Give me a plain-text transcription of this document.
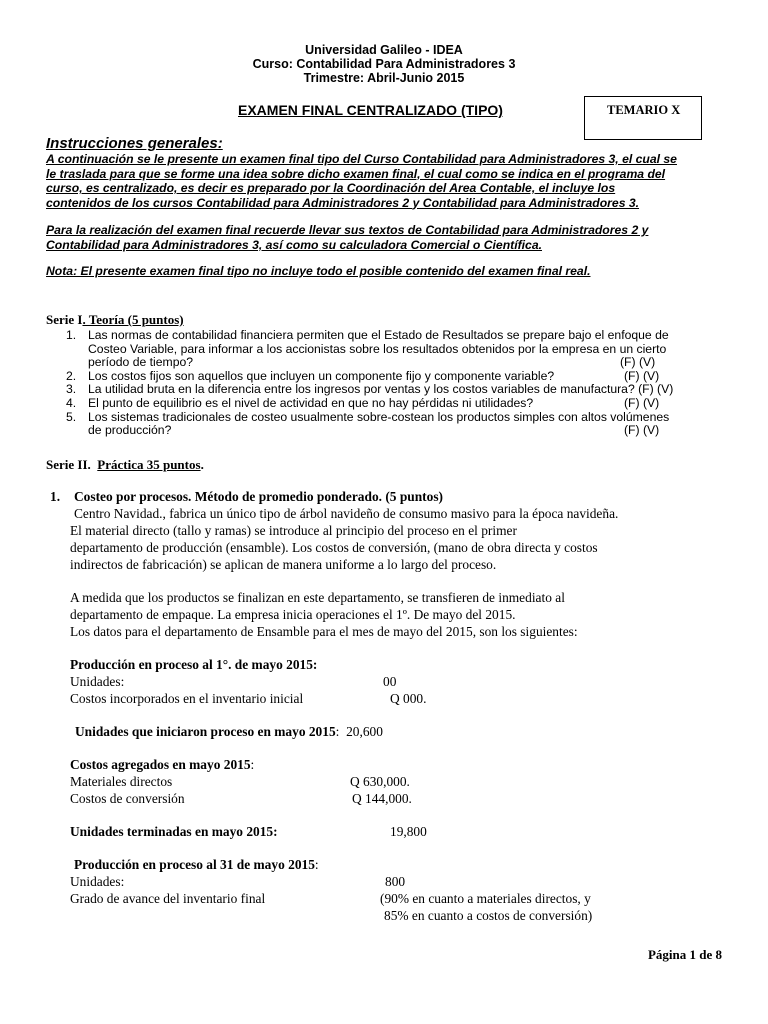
Universidad Galileo - IDEA
Curso: Contabilidad Para Administradores 3
Trimestre: Abril-Junio 2015
EXAMEN FINAL CENTRALIZADO (TIPO)	TEMARIO X
Instrucciones generales:
A continuación se le presente un examen final tipo del Curso Contabilidad para Administradores 3, el cual se
le traslada para que se forme una idea sobre dicho examen final, el cual como se indica en el programa del
curso, es centralizado, es decir es preparado por la Coordinación del Area Contable, el incluye los
contenidos de los cursos Contabilidad para Administradores 2 y Contabilidad para Administradores 3.
Para la realización del examen final recuerde llevar sus textos de Contabilidad para Administradores 2 y
Contabilidad para Administradores 3, así como su calculadora Comercial o Científica.
Nota: El presente examen final tipo no incluye todo el posible contenido del examen final real.
Serie I. Teoría (5 puntos)
1. Las normas de contabilidad financiera permiten que el Estado de Resultados se prepare bajo el enfoque de
Costeo Variable, para informar a los accionistas sobre los resultados obtenidos por la empresa en un cierto
período de tiempo?	(F) (V)
2. Los costos fijos son aquellos que incluyen un componente fijo y componente variable?	(F) (V)
3. La utilidad bruta en la diferencia entre los ingresos por ventas y los costos variables de manufactura? (F) (V)
4. El punto de equilibrio es el nivel de actividad en que no hay pérdidas ni utilidades?	(F) (V)
5. Los sistemas tradicionales de costeo usualmente sobre-costean los productos simples con altos volúmenes
de producción?	(F) (V)
Serie II. Práctica 35 puntos.
1. Costeo por procesos. Método de promedio ponderado. (5 puntos)
Centro Navidad., fabrica un único tipo de árbol navideño de consumo masivo para la época navideña.
El material directo (tallo y ramas) se introduce al principio del proceso en el primer
departamento de producción (ensamble). Los costos de conversión, (mano de obra directa y costos
indirectos de fabricación) se aplican de manera uniforme a lo largo del proceso.
A medida que los productos se finalizan en este departamento, se transfieren de inmediato al
departamento de empaque. La empresa inicia operaciones el 1º. De mayo del 2015.
Los datos para el departamento de Ensamble para el mes de mayo del 2015, son los siguientes:
Producción en proceso al 1°. de mayo 2015:
Unidades:	00
Costos incorporados en el inventario inicial	Q 000.
Unidades que iniciaron proceso en mayo 2015: 20,600
Costos agregados en mayo 2015:
Materiales directos	Q 630,000.
Costos de conversión	Q 144,000.
Unidades terminadas en mayo 2015:	19,800
Producción en proceso al 31 de mayo 2015:
Unidades:	800
Grado de avance del inventario final	(90% en cuanto a materiales directos, y
85% en cuanto a costos de conversión)
Página 1 de 8
